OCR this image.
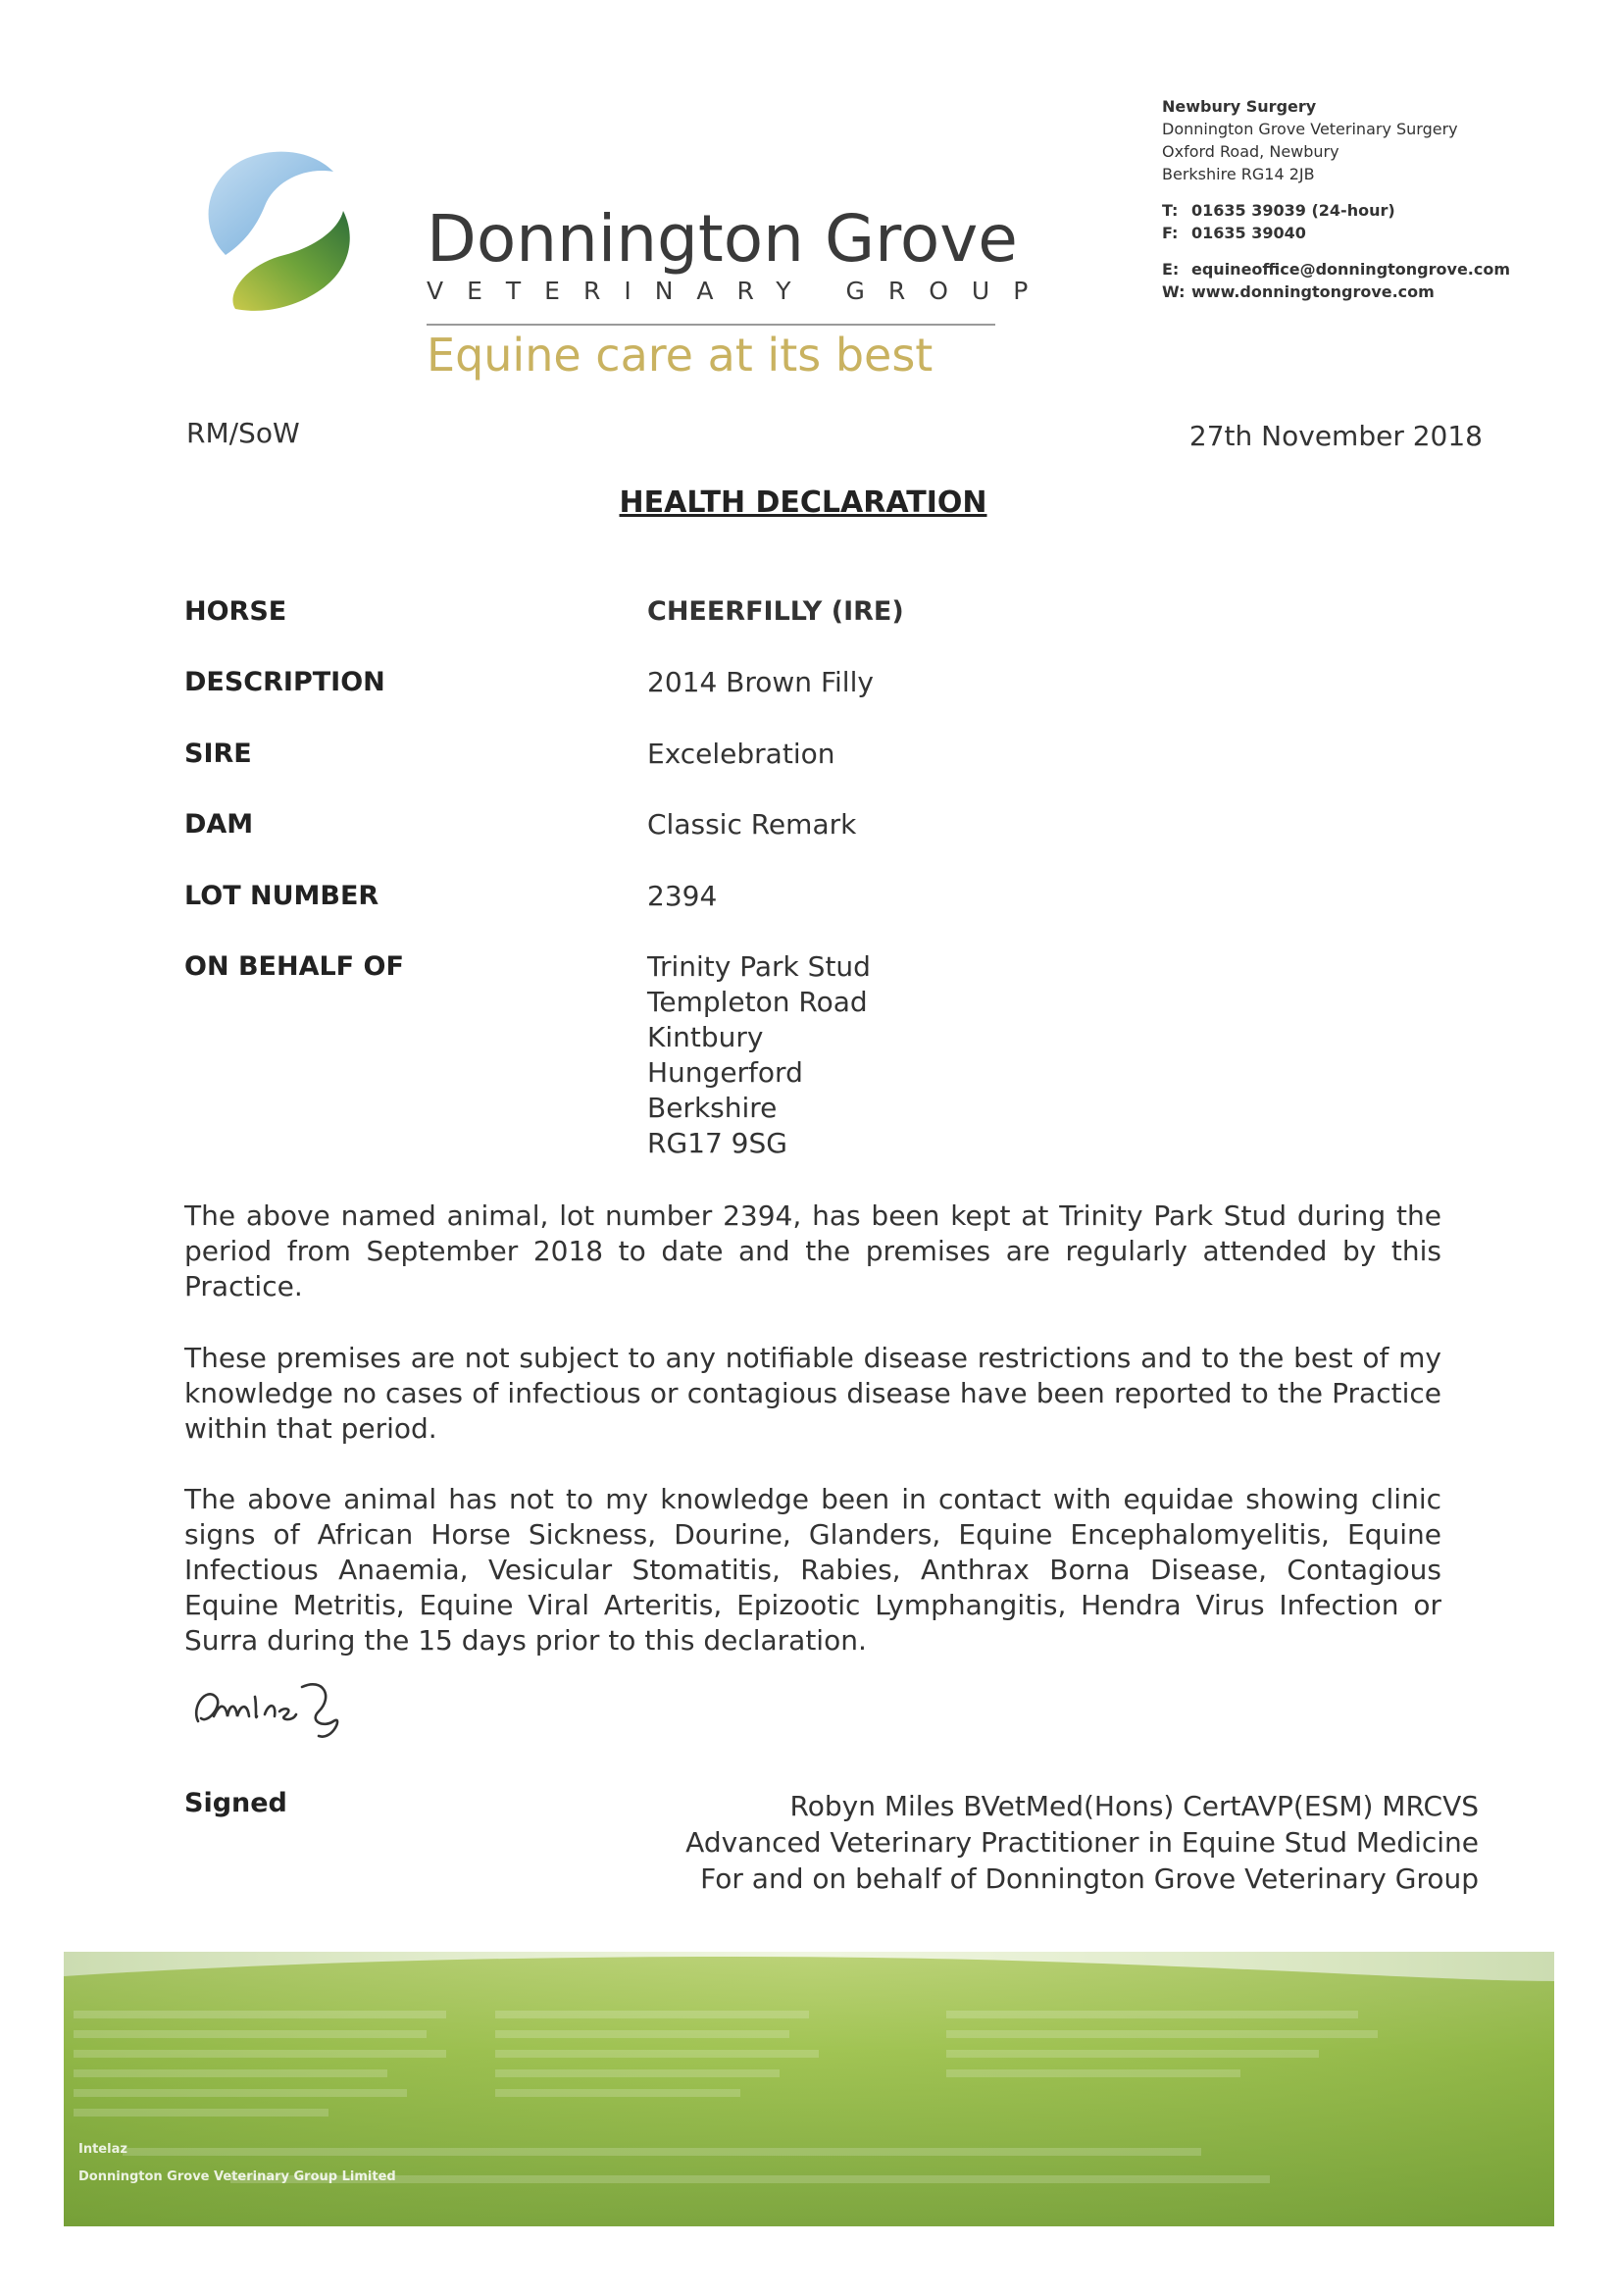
Donnington Grove
VETERINARY GROUP
Equine care at its best
Newbury Surgery
Donnington Grove Veterinary Surgery
Oxford Road, Newbury
Berkshire RG14 2JB
T: 01635 39039 (24-hour)
F: 01635 39040
E: equineoffice@donningtongrove.com
W: www.donningtongrove.com
RM/SoW	27th November 2018
HEALTH DECLARATION
HORSE	CHEERFILLY (IRE)
DESCRIPTION	2014 Brown Filly
SIRE	Excelebration
DAM	Classic Remark
LOT NUMBER	2394
ON BEHALF OF	Trinity Park Stud
Templeton Road
Kintbury
Hungerford
Berkshire
RG17 9SG
The above named animal, lot number 2394, has been kept at Trinity Park Stud during the period from September 2018 to date and the premises are regularly attended by this Practice.
These premises are not subject to any notifiable disease restrictions and to the best of my knowledge no cases of infectious or contagious disease have been reported to the Practice within that period.
The above animal has not to my knowledge been in contact with equidae showing clinic signs of African Horse Sickness, Dourine, Glanders, Equine Encephalomyelitis, Equine Infectious Anaemia, Vesicular Stomatitis, Rabies, Anthrax Borna Disease, Contagious Equine Metritis, Equine Viral Arteritis, Epizootic Lymphangitis, Hendra Virus Infection or Surra during the 15 days prior to this declaration.
Signed	Robyn Miles BVetMed(Hons) CertAVP(ESM) MRCVS
Advanced Veterinary Practitioner in Equine Stud Medicine
For and on behalf of Donnington Grove Veterinary Group
Intelaz
Donnington Grove Veterinary Group Limited
